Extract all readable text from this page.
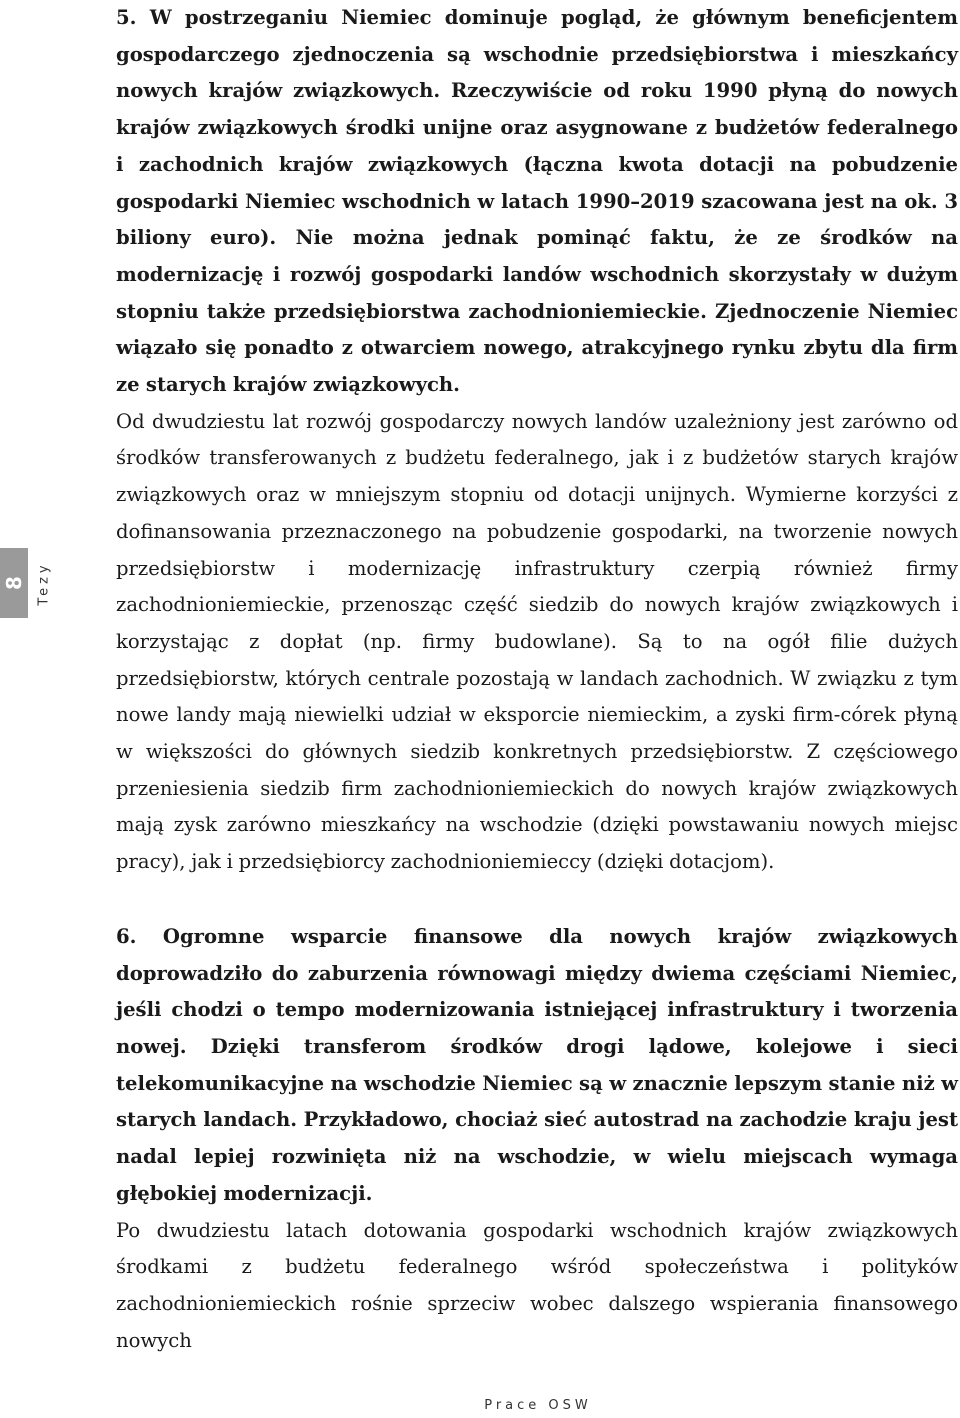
8 Tezy

5. W postrzeganiu Niemiec dominuje pogląd, że głównym beneficjentem gospodarczego zjednoczenia są wschodnie przedsiębiorstwa i mieszkańcy nowych krajów związkowych. Rzeczywiście od roku 1990 płyną do nowych krajów związkowych środki unijne oraz asygnowane z budżetów federalnego i zachodnich krajów związkowych (łączna kwota dotacji na pobudzenie gospodarki Niemiec wschodnich w latach 1990–2019 szacowana jest na ok. 3 biliony euro). Nie można jednak pominąć faktu, że ze środków na modernizację i rozwój gospodarki landów wschodnich skorzystały w dużym stopniu także przedsiębiorstwa zachodnioniemieckie. Zjednoczenie Niemiec wiązało się ponadto z otwarciem nowego, atrakcyjnego rynku zbytu dla firm ze starych krajów związkowych.

Od dwudziestu lat rozwój gospodarczy nowych landów uzależniony jest zarówno od środków transferowanych z budżetu federalnego, jak i z budżetów starych krajów związkowych oraz w mniejszym stopniu od dotacji unijnych. Wymierne korzyści z dofinansowania przeznaczonego na pobudzenie gospodarki, na tworzenie nowych przedsiębiorstw i modernizację infrastruktury czerpią również firmy zachodnioniemieckie, przenosząc część siedzib do nowych krajów związkowych i korzystając z dopłat (np. firmy budowlane). Są to na ogół filie dużych przedsiębiorstw, których centrale pozostają w landach zachodnich. W związku z tym nowe landy mają niewielki udział w eksporcie niemieckim, a zyski firm-córek płyną w większości do głównych siedzib konkretnych przedsiębiorstw. Z częściowego przeniesienia siedzib firm zachodnioniemieckich do nowych krajów związkowych mają zysk zarówno mieszkańcy na wschodzie (dzięki powstawaniu nowych miejsc pracy), jak i przedsiębiorcy zachodnioniemieccy (dzięki dotacjom).

6. Ogromne wsparcie finansowe dla nowych krajów związkowych doprowadziło do zaburzenia równowagi między dwiema częściami Niemiec, jeśli chodzi o tempo modernizowania istniejącej infrastruktury i tworzenia nowej. Dzięki transferom środków drogi lądowe, kolejowe i sieci telekomunikacyjne na wschodzie Niemiec są w znacznie lepszym stanie niż w starych landach. Przykładowo, chociaż sieć autostrad na zachodzie kraju jest nadal lepiej rozwinięta niż na wschodzie, w wielu miejscach wymaga głębokiej modernizacji.

Po dwudziestu latach dotowania gospodarki wschodnich krajów związkowych środkami z budżetu federalnego wśród społeczeństwa i polityków zachodnioniemieckich rośnie sprzeciw wobec dalszego wspierania finansowego nowych

Prace OSW
